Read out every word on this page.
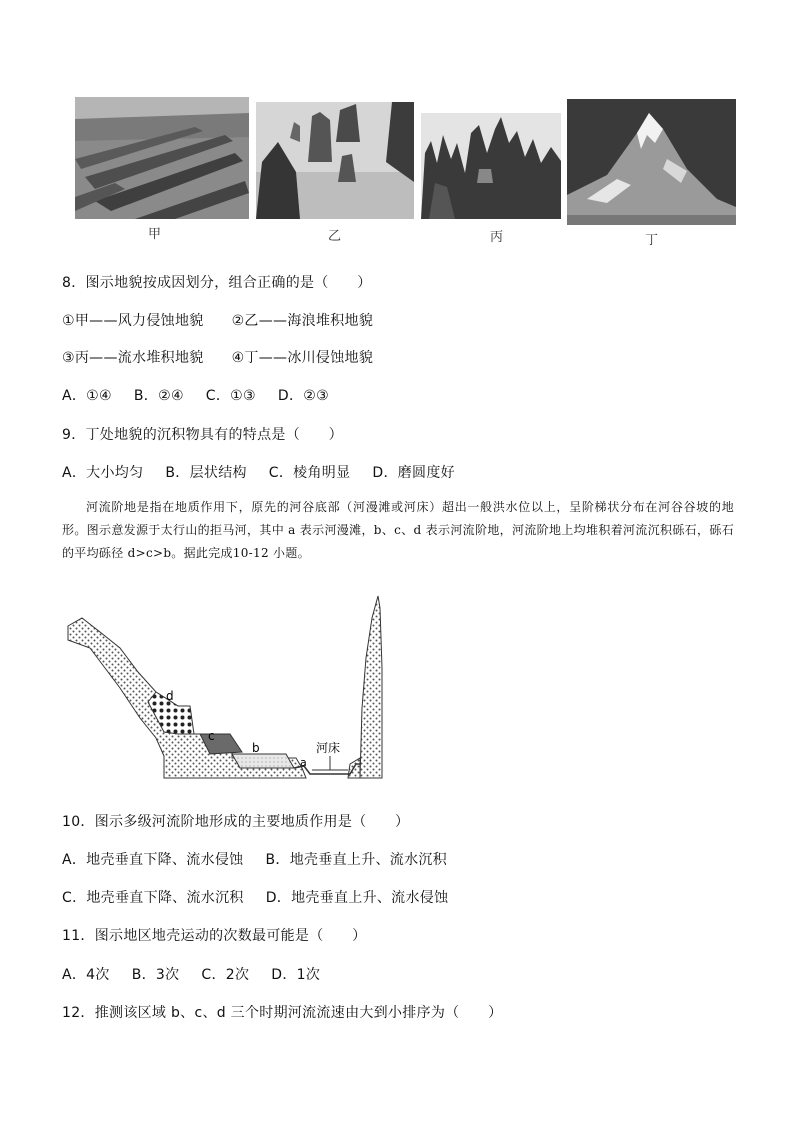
甲	乙	丙	丁
8．图示地貌按成因划分，组合正确的是（　　）
①甲——风力侵蚀地貌 ②乙——海浪堆积地貌
③丙——流水堆积地貌 ④丁——冰川侵蚀地貌
A．①④ B．②④ C．①③ D．②③
9．丁处地貌的沉积物具有的特点是（　　）
A．大小均匀 B．层状结构 C．棱角明显 D．磨圆度好
河流阶地是指在地质作用下，原先的河谷底部（河漫滩或河床）超出一般洪水位以上，呈阶梯状分布在河谷谷坡的地形。图示意发源于太行山的拒马河，其中 a 表示河漫滩，b、c、d 表示河流阶地，河流阶地上均堆积着河流沉积砾石，砾石的平均砾径 d>c>b。据此完成10-12 小题。
d
c
b
a
河床
10．图示多级河流阶地形成的主要地质作用是（　　）
A．地壳垂直下降、流水侵蚀 B．地壳垂直上升、流水沉积
C．地壳垂直下降、流水沉积 D．地壳垂直上升、流水侵蚀
11．图示地区地壳运动的次数最可能是（　　）
A．4次 B．3次 C．2次 D．1次
12．推测该区域 b、c、d 三个时期河流流速由大到小排序为（　　）
